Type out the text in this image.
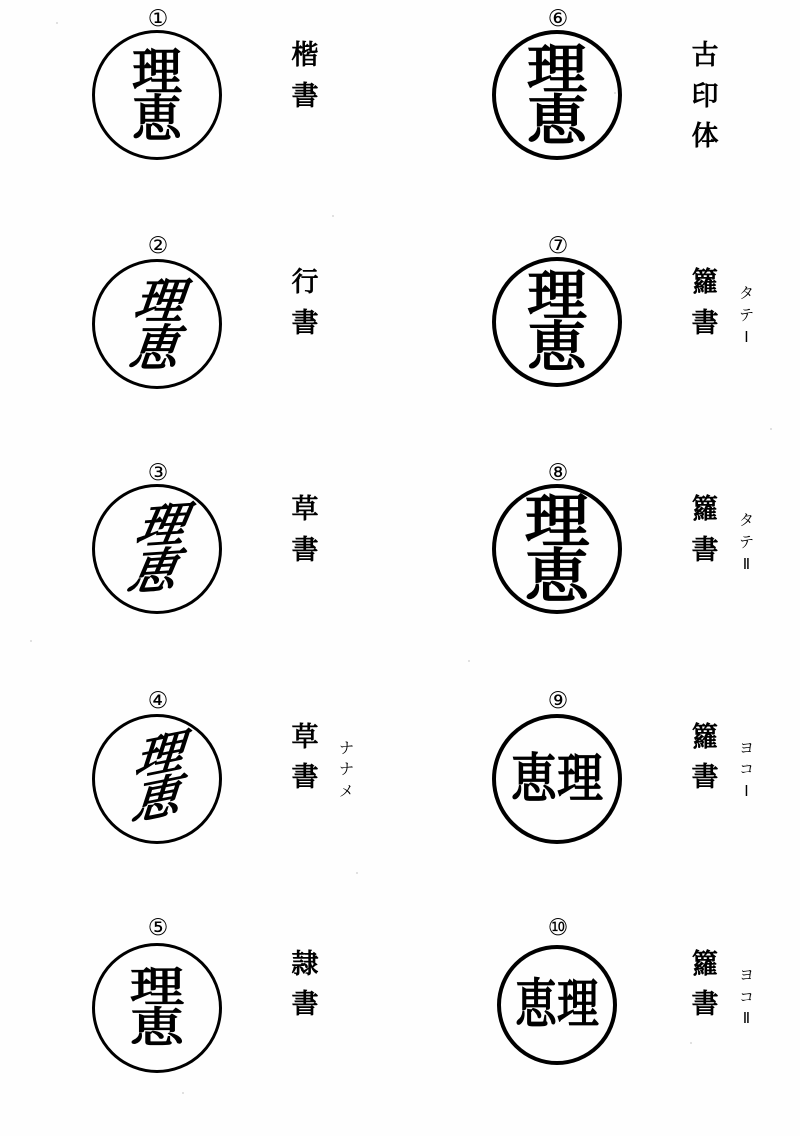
①
理
恵
楷
書
⑥
理
恵
古
印
体
②
理
恵
行
書
⑦
理
恵
籮
書
タ
テ
Ⅰ
③
理
恵
草
書
⑧
理
恵
籮
書
タ
テ
Ⅱ
④
理
恵
草
書
ナ
ナ
メ
⑨
理
恵
籮
書
ヨ
コ
Ⅰ
⑤
理
恵
隷
書
⑩
理
恵
籮
書
ヨ
コ
Ⅱ
